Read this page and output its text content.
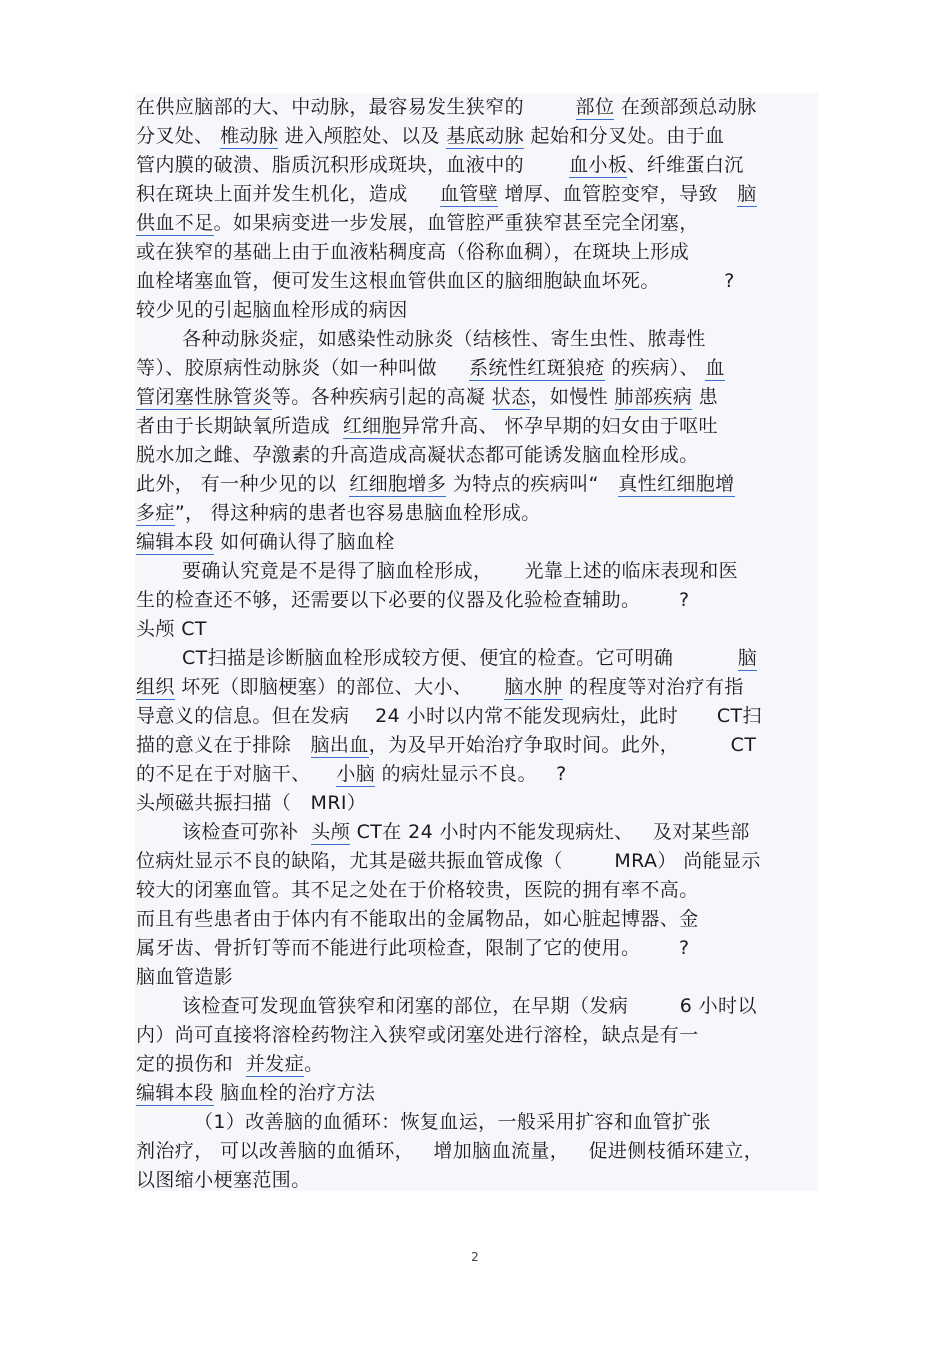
在供应脑部的大、中动脉，最容易发生狭窄的	部位 在颈部颈总动脉
分叉处、 椎动脉 进入颅腔处、以及 基底动脉 起始和分叉处。由于血
管内膜的破溃、脂质沉积形成斑块，血液中的 血小板、纤维蛋白沉
积在斑块上面并发生机化，造成 血管壁 增厚、血管腔变窄，导致 脑
供血不足。如果病变进一步发展，血管腔严重狭窄甚至完全闭塞，
或在狭窄的基础上由于血液粘稠度高（俗称血稠），在斑块上形成
血栓堵塞血管，便可发生这根血管供血区的脑细胞缺血坏死。	?
较少见的引起脑血栓形成的病因
各种动脉炎症，如感染性动脉炎（结核性、寄生虫性、脓毒性
等）、胶原病性动脉炎（如一种叫做 系统性红斑狼疮 的疾病）、 血
管闭塞性脉管炎等。各种疾病引起的高凝 状态，如慢性 肺部疾病 患
者由于长期缺氧所造成 红细胞异常升高、 怀孕早期的妇女由于呕吐
脱水加之雌、孕激素的升高造成高凝状态都可能诱发脑血栓形成。
此外， 有一种少见的以 红细胞增多 为特点的疾病叫“ 真性红细胞增
多症”， 得这种病的患者也容易患脑血栓形成。
编辑本段 如何确认得了脑血栓
要确认究竟是不是得了脑血栓形成， 光靠上述的临床表现和医
生的检查还不够，还需要以下必要的仪器及化验检查辅助。 ?
头颅 CT
CT扫描是诊断脑血栓形成较方便、便宜的检查。它可明确	脑
组织 坏死（即脑梗塞）的部位、大小、 脑水肿 的程度等对治疗有指
导意义的信息。但在发病 24 小时以内常不能发现病灶，此时 CT扫
描的意义在于排除 脑出血，为及早开始治疗争取时间。此外，	CT
的不足在于对脑干、 小脑 的病灶显示不良。 ?
头颅磁共振扫描（ MRI）
该检查可弥补 头颅 CT在 24 小时内不能发现病灶、 及对某些部
位病灶显示不良的缺陷，尤其是磁共振血管成像（	MRA） 尚能显示
较大的闭塞血管。其不足之处在于价格较贵，医院的拥有率不高。
而且有些患者由于体内有不能取出的金属物品，如心脏起博器、金
属牙齿、骨折钉等而不能进行此项检查，限制了它的使用。 ?
脑血管造影
该检查可发现血管狭窄和闭塞的部位，在早期（发病	6 小时以
内）尚可直接将溶栓药物注入狭窄或闭塞处进行溶栓，缺点是有一
定的损伤和 并发症。
编辑本段 脑血栓的治疗方法
（1）改善脑的血循环：恢复血运，一般采用扩容和血管扩张
剂治疗， 可以改善脑的血循环， 增加脑血流量， 促进侧枝循环建立，
以图缩小梗塞范围。
2
